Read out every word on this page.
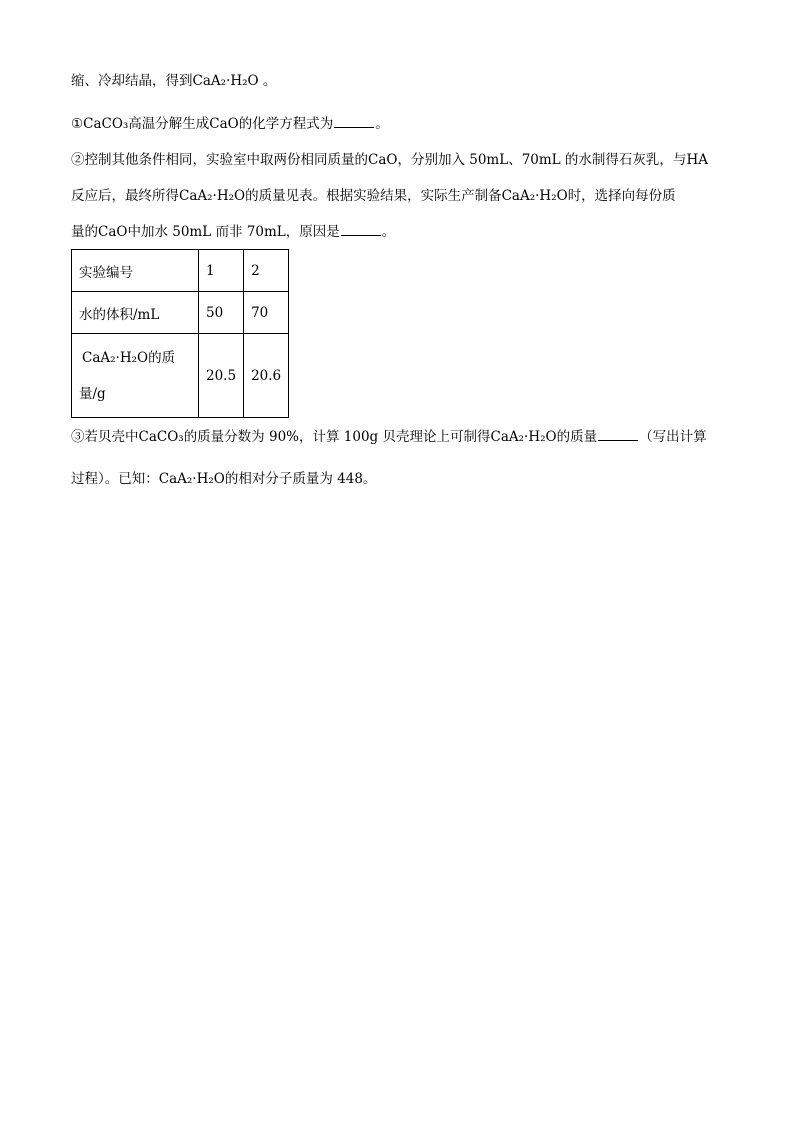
缩、冷却结晶，得到CaA₂·H₂O 。
①CaCO₃高温分解生成CaO的化学方程式为	。
②控制其他条件相同，实验室中取两份相同质量的CaO，分别加入 50mL、70mL 的水制得石灰乳，与HA
反应后，最终所得CaA₂·H₂O的质量见表。根据实验结果，实际生产制备CaA₂·H₂O时，选择向每份质
量的CaO中加水 50mL 而非 70mL，原因是	。
实验编号	1	2
水的体积/mL	50	70

CaA₂·H₂O的质
量/g	20.5	20.6
③若贝壳中CaCO₃的质量分数为 90%，计算 100g 贝壳理论上可制得CaA₂·H₂O的质量	（写出计算
过程）。已知：CaA₂·H₂O的相对分子质量为 448。
